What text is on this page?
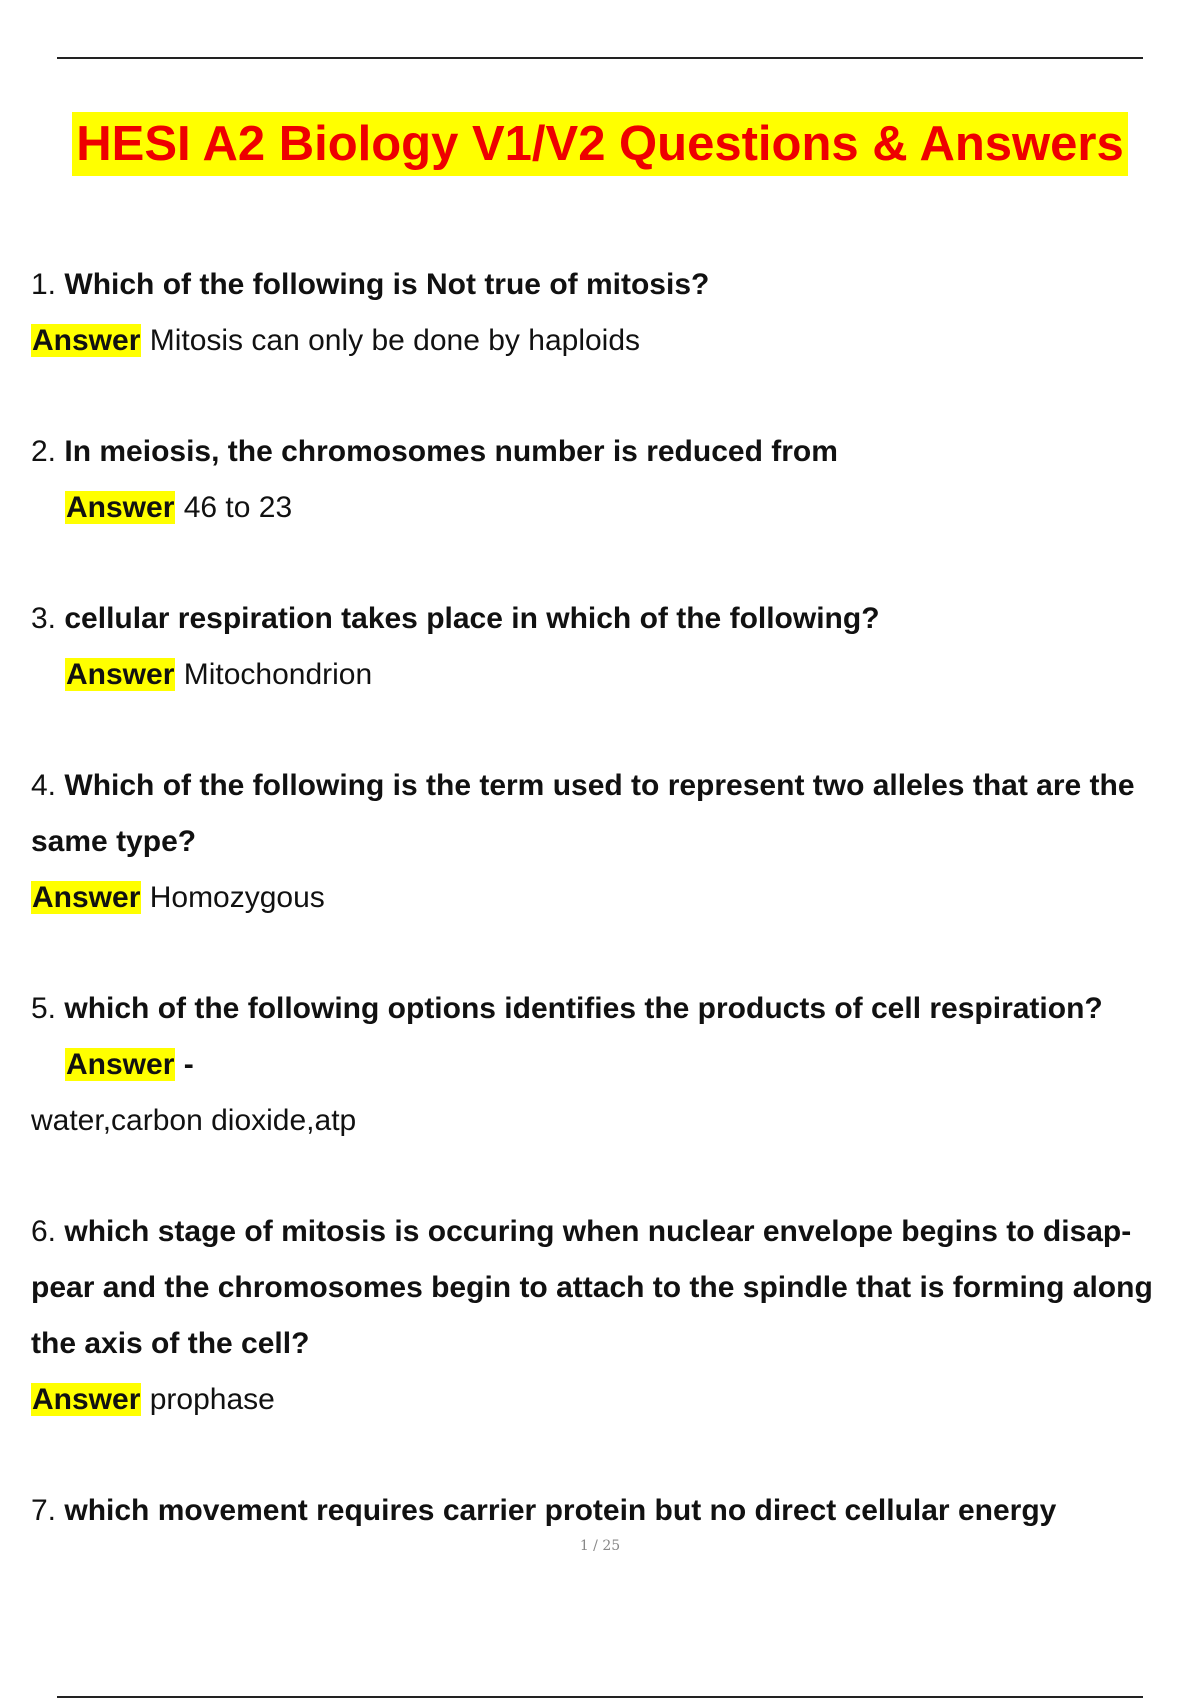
HESI A2 Biology V1/V2 Questions & Answers
1. Which of the following is Not true of mitosis?
Answer Mitosis can only be done by haploids
2. In meiosis, the chromosomes number is reduced from
Answer 46 to 23
3. cellular respiration takes place in which of the following?
Answer Mitochondrion
4. Which of the following is the term used to represent two alleles that are the
same type?
Answer Homozygous
5. which of the following options identifies the products of cell respiration?
Answer -
water,carbon dioxide,atp
6. which stage of mitosis is occuring when nuclear envelope begins to disap-
pear and the chromosomes begin to attach to the spindle that is forming along
the axis of the cell?
Answer prophase
7. which movement requires carrier protein but no direct cellular energy
1 / 25
